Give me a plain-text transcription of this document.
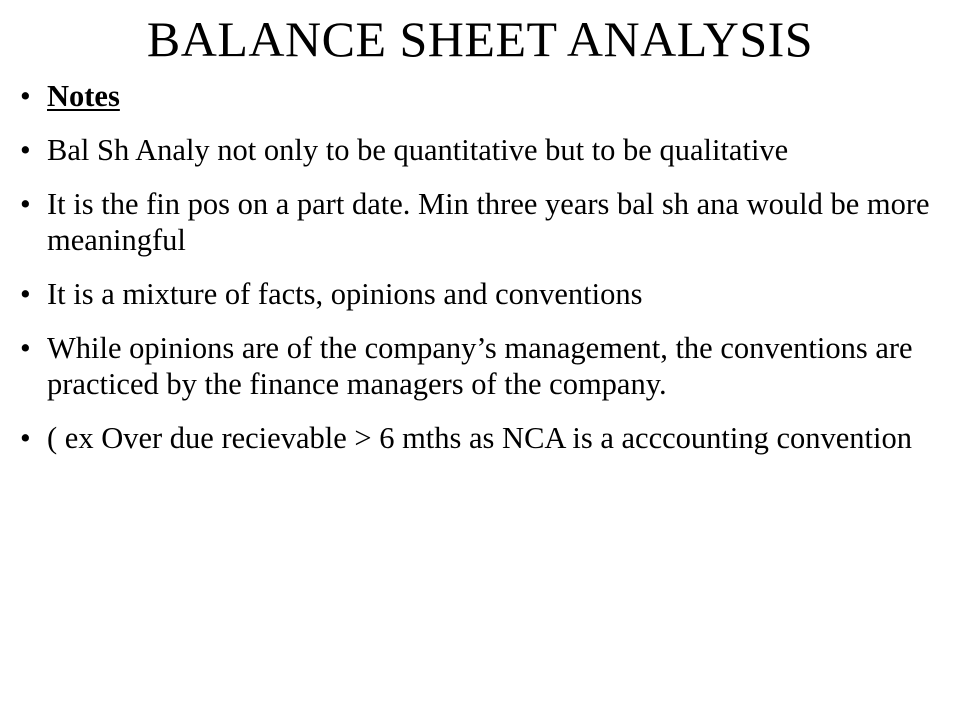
BALANCE SHEET ANALYSIS
• Notes
• Bal Sh Analy not only to be quantitative but to be qualitative
• It is the fin pos on a part date. Min three years bal sh ana would be more meaningful
• It is a mixture of facts, opinions and conventions
• While opinions are of the company’s management, the conventions are practiced by the finance managers of the company.
• ( ex Over due recievable > 6 mths as NCA is a acccounting convention
